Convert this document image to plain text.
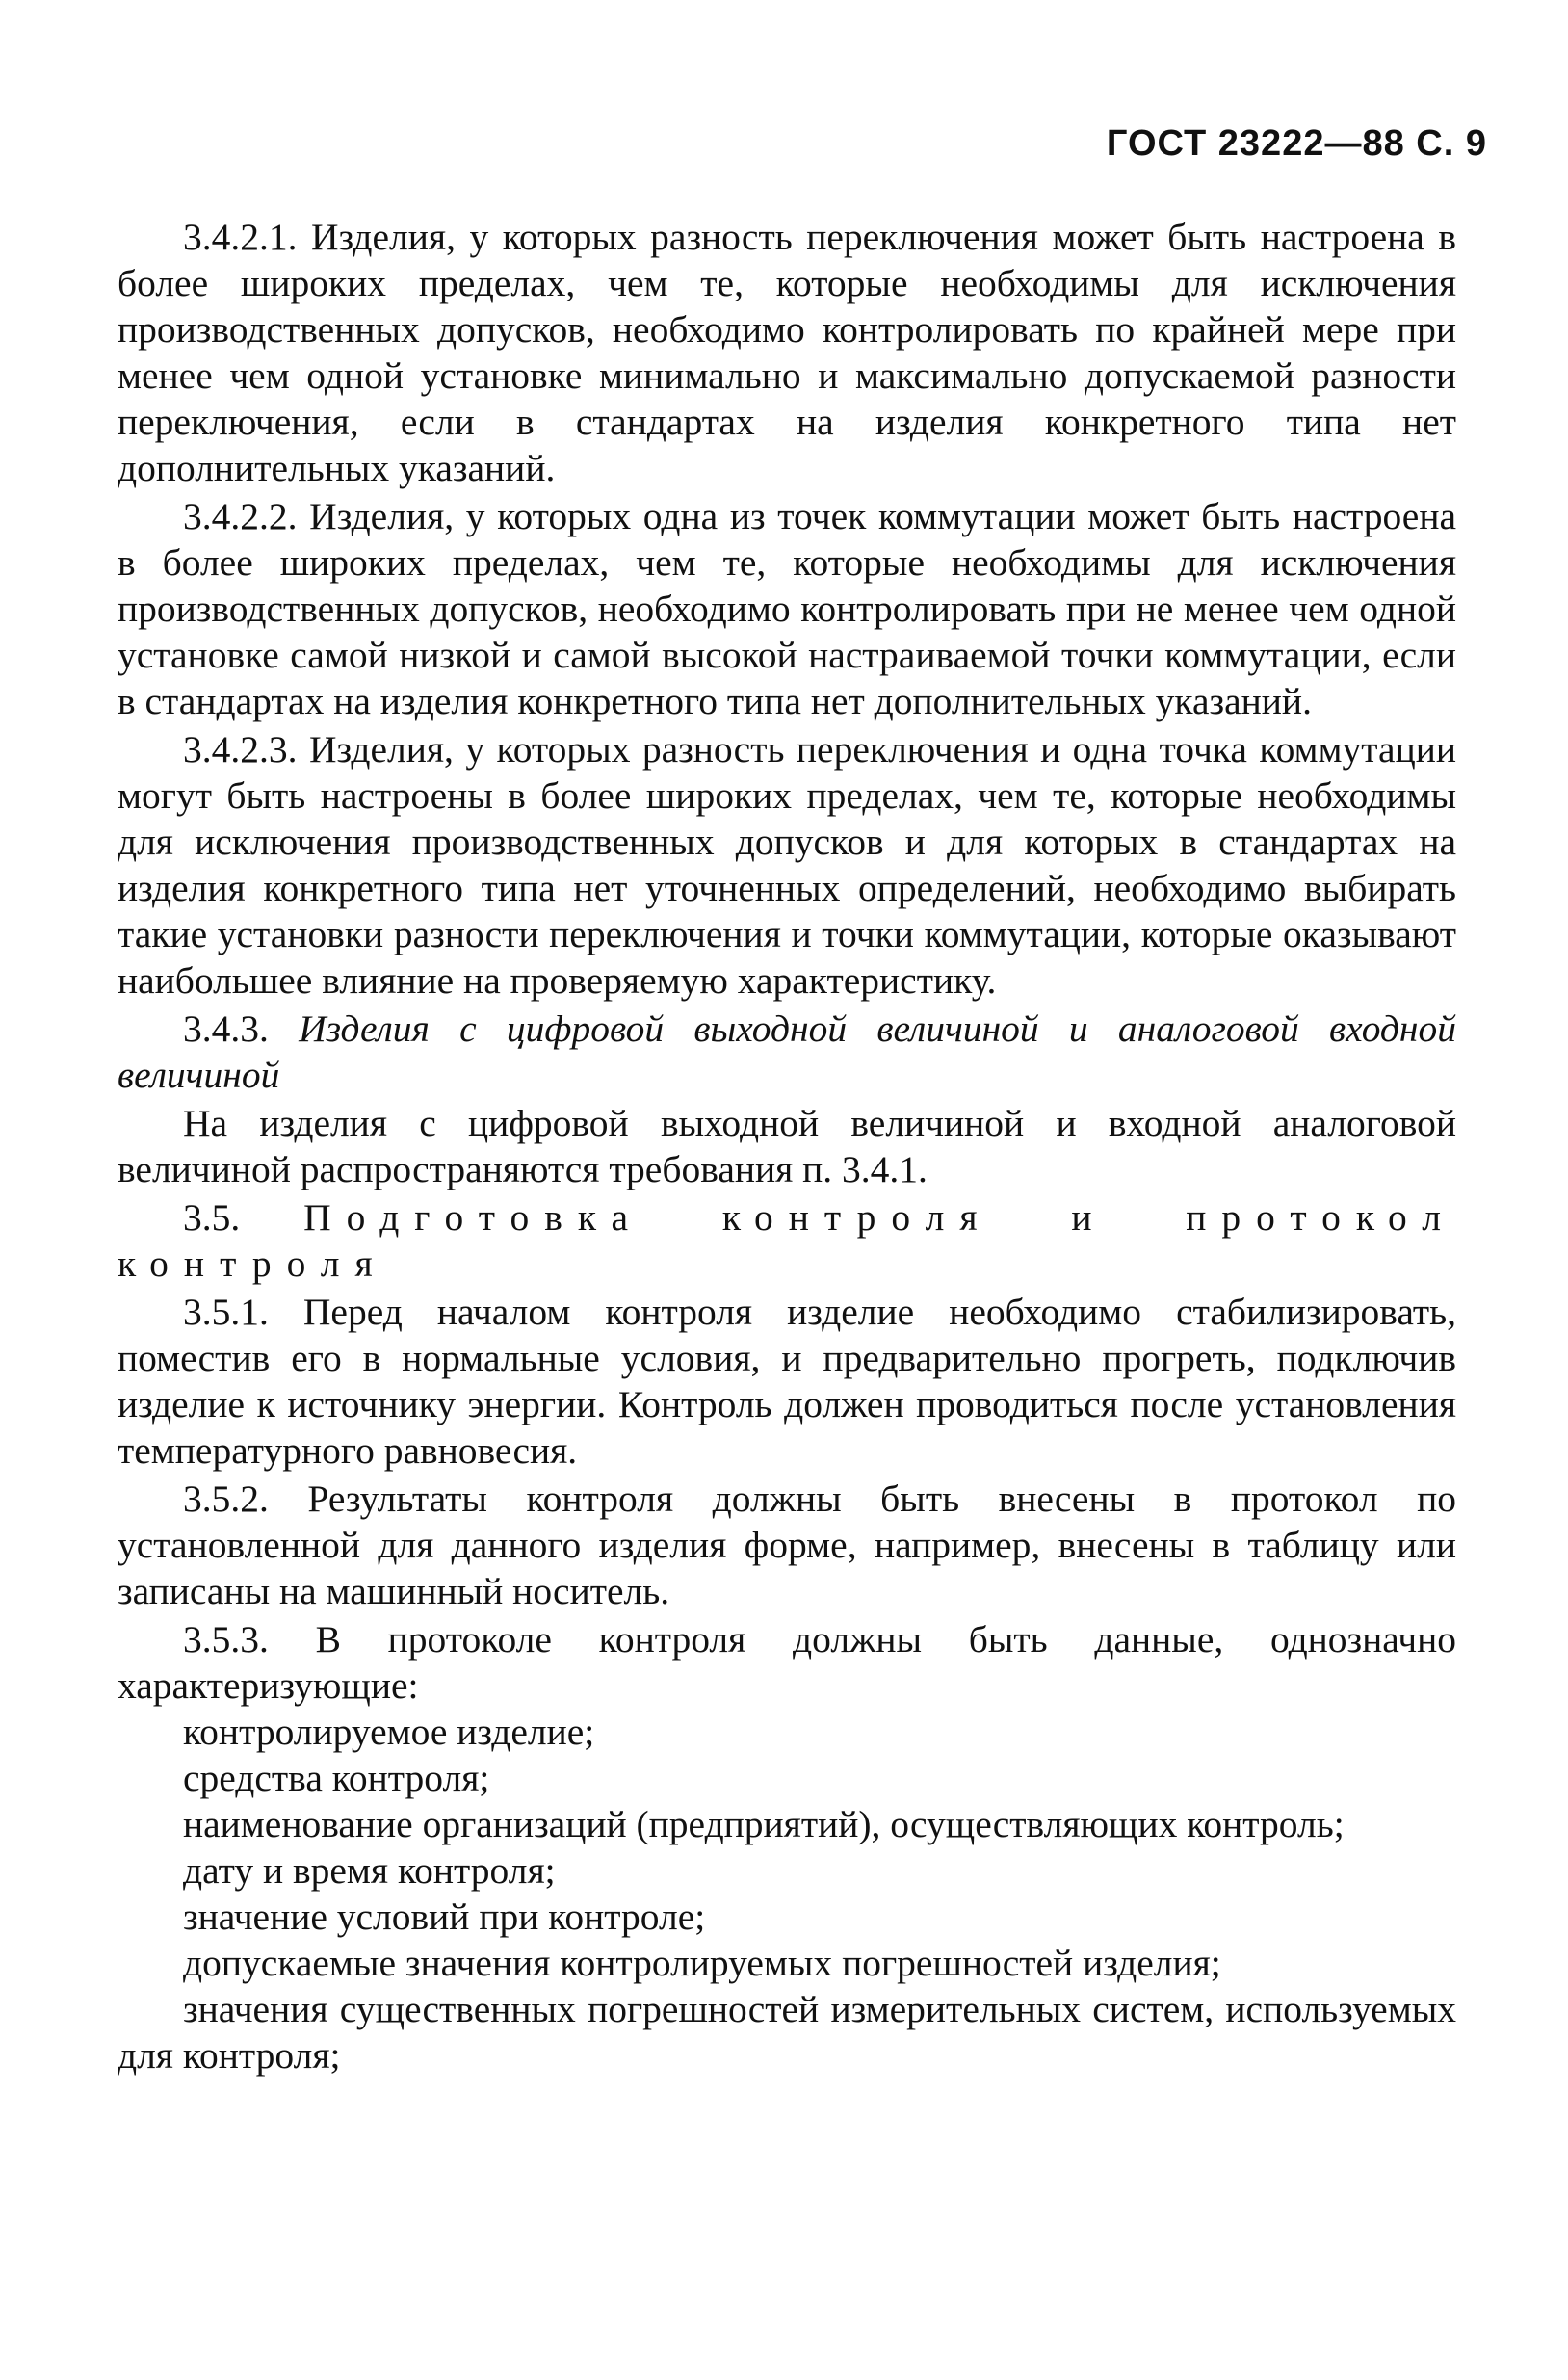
ГОСТ 23222—88 С. 9

3.4.2.1. Изделия, у которых разность переключения может быть настроена в более широких пределах, чем те, которые необходимы для исключения производственных допусков, необходимо контролировать по крайней мере при менее чем одной установке минимально и максимально допускаемой разности переключения, если в стандартах на изделия конкретного типа нет дополнительных указаний.

3.4.2.2. Изделия, у которых одна из точек коммутации может быть настроена в более широких пределах, чем те, которые необходимы для исключения производственных допусков, необходимо контролировать при не менее чем одной установке самой низкой и самой высокой настраиваемой точки коммутации, если в стандартах на изделия конкретного типа нет дополнительных указаний.

3.4.2.3. Изделия, у которых разность переключения и одна точка коммутации могут быть настроены в более широких пределах, чем те, которые необходимы для исключения производственных допусков и для которых в стандартах на изделия конкретного типа нет уточненных определений, необходимо выбирать такие установки разности переключения и точки коммутации, которые оказывают наибольшее влияние на проверяемую характеристику.

3.4.3. Изделия с цифровой выходной величиной и аналоговой входной величиной

На изделия с цифровой выходной величиной и входной аналоговой величиной распространяются требования п. 3.4.1.

3.5. Подготовка контроля и протокол контроля

3.5.1. Перед началом контроля изделие необходимо стабилизировать, поместив его в нормальные условия, и предварительно прогреть, подключив изделие к источнику энергии. Контроль должен проводиться после установления температурного равновесия.

3.5.2. Результаты контроля должны быть внесены в протокол по установленной для данного изделия форме, например, внесены в таблицу или записаны на машинный носитель.

3.5.3. В протоколе контроля должны быть данные, однозначно характеризующие:

контролируемое изделие;

средства контроля;

наименование организаций (предприятий), осуществляющих контроль;

дату и время контроля;

значение условий при контроле;

допускаемые значения контролируемых погрешностей изделия;

значения существенных погрешностей измерительных систем, используемых для контроля;
